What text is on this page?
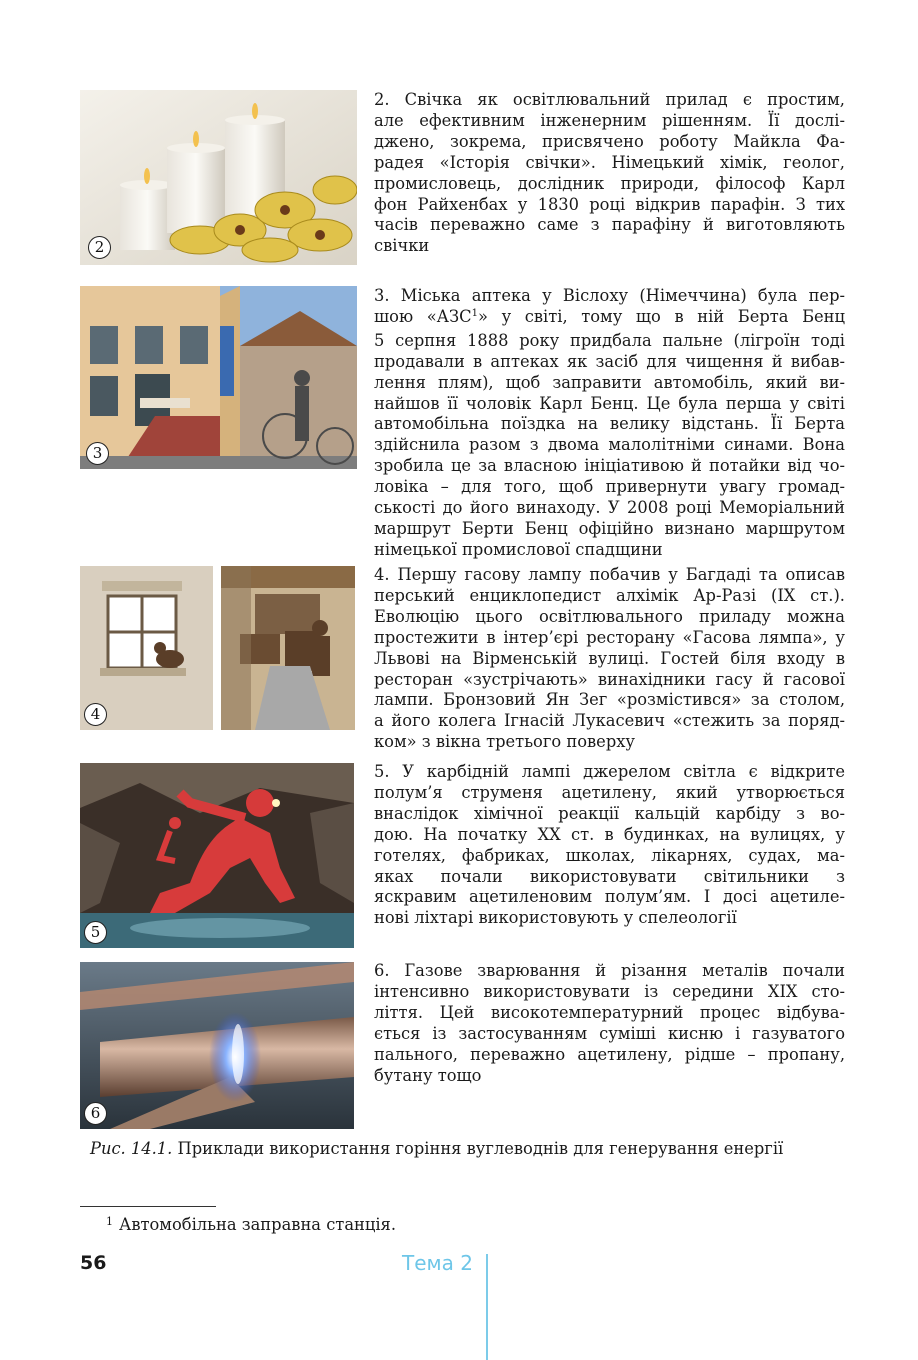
2
3
4
5
6
2. Свічка як освітлювальний прилад є простим,
але ефективним інженерним рішенням. Її дослі-
джено, зокрема, присвячено роботу Майкла Фа-
радея «Історія свічки». Німецький хімік, геолог,
промисловець, дослідник природи, філософ Карл
фон Райхенбах у 1830 році відкрив парафін. З тих
часів переважно саме з парафіну й виготовляють
свічки
3. Міська аптека у Віслоху (Німеччина) була пер-
шою «АЗС$^1$» у світі, тому що в ній Берта Бенц
5 серпня 1888 року придбала пальне (лігроїн тоді
продавали в аптеках як засіб для чищення й вибав-
лення плям), щоб заправити автомобіль, який ви-
найшов її чоловік Карл Бенц. Це була перша у світі
автомобільна поїздка на велику відстань. Її Берта
здійснила разом з двома малолітніми синами. Вона
зробила це за власною ініціативою й потайки від чо-
ловіка – для того, щоб привернути увагу громад-
ськості до його винаходу. У 2008 році Меморіальний
маршрут Берти Бенц офіційно визнано маршрутом
німецької промислової спадщини
4. Першу гасову лампу побачив у Багдаді та описав
перський енциклопедист алхімік Ар-Разі (IX ст.).
Еволюцію цього освітлювального приладу можна
простежити в інтер’єрі ресторану «Гасова лямпа», у
Львові на Вірменській вулиці. Гостей біля входу в
ресторан «зустрічають» винахідники гасу й гасової
лампи. Бронзовий Ян Зег «розмістився» за столом,
а його колега Ігнасій Лукасевич «стежить за поряд-
ком» з вікна третього поверху
5. У карбідній лампі джерелом світла є відкрите
полум’я струменя ацетилену, який утворюється
внаслідок хімічної реакції кальцій карбіду з во-
дою. На початку XX ст. в будинках, на вулицях, у
готелях, фабриках, школах, лікарнях, судах, ма-
яках почали використовувати світильники з
яскравим ацетиленовим полум’ям. І досі ацетиле-
нові ліхтарі використовують у спелеології
6. Газове зварювання й різання металів почали
інтенсивно використовувати із середини XIX сто-
ліття. Цей високотемпературний процес відбува-
ється із застосуванням суміші кисню і газуватого
пального, переважно ацетилену, рідше – пропану,
бутану тощо
Рис. 14.1. Приклади використання горіння вуглеводнів для генерування енергії
$^1$ Автомобільна заправна станція.
56	Тема 2
